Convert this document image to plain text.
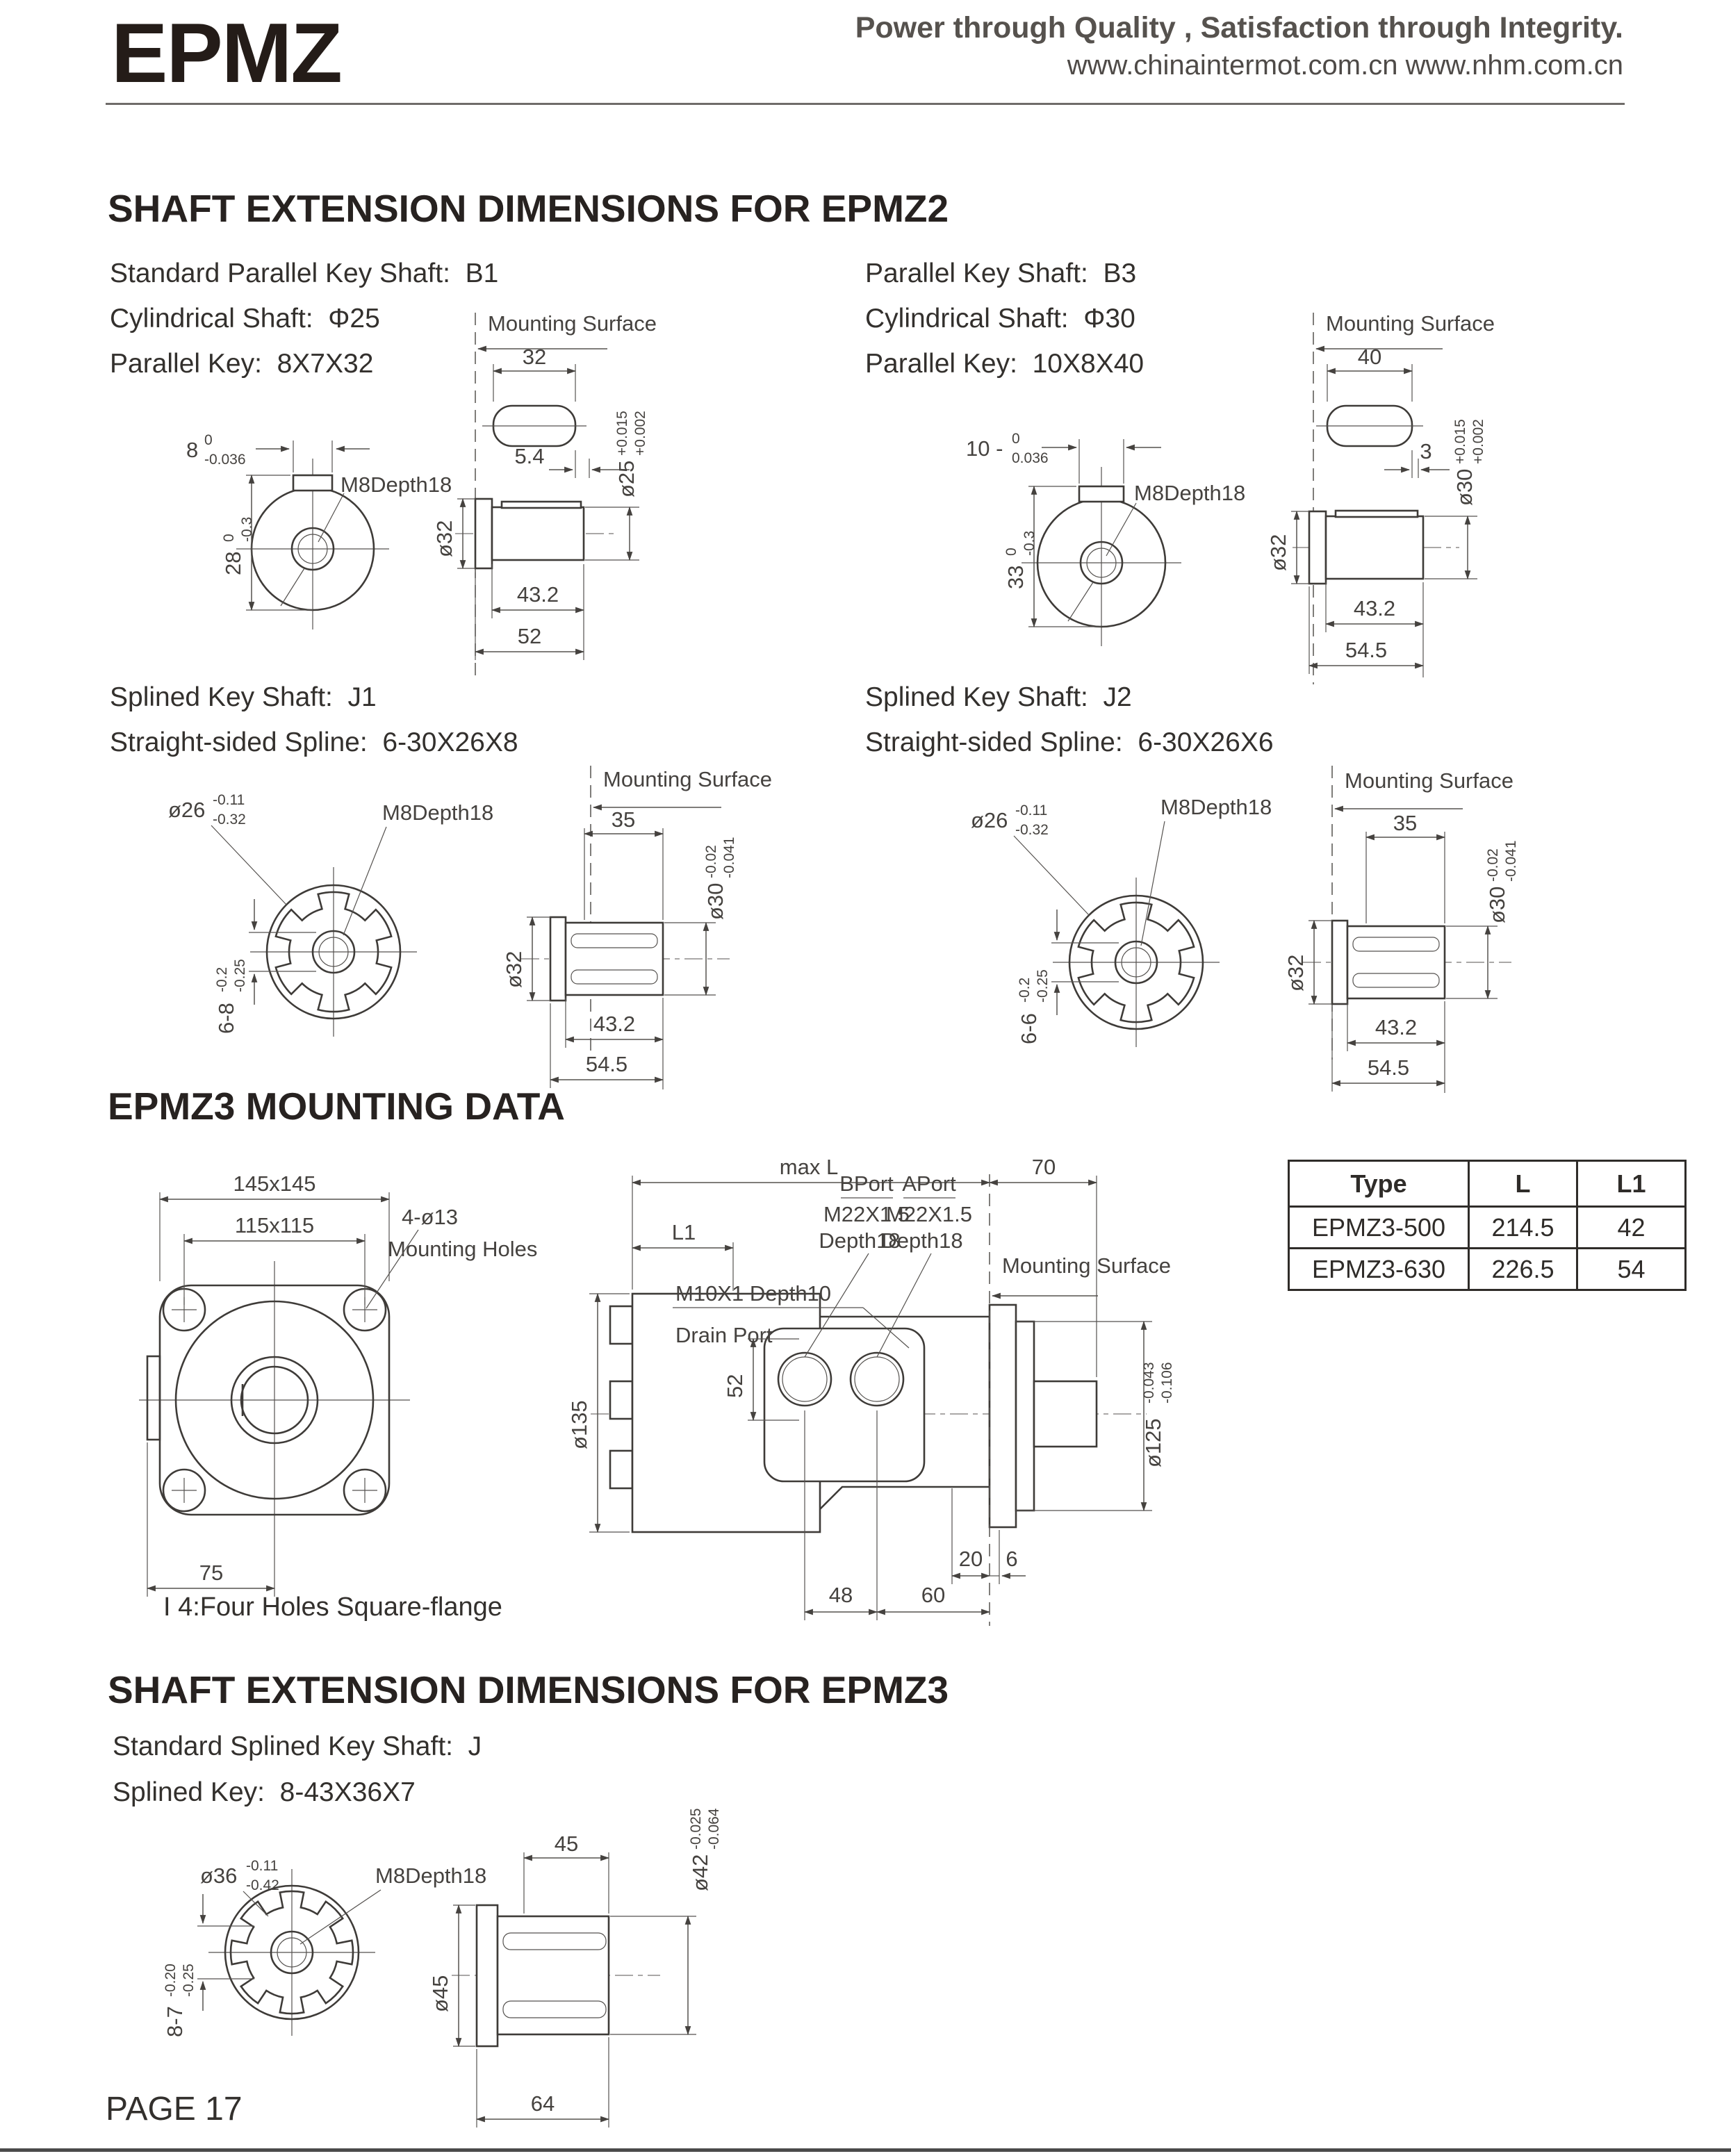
EPMZ	Power through Quality , Satisfaction through Integrity.
www.chinaintermot.com.cn www.nhm.com.cn
SHAFT EXTENSION DIMENSIONS FOR EPMZ2
Standard Parallel Key Shaft:  B1
Cylindrical Shaft:  Φ25
Parallel Key:  8X7X32
Parallel Key Shaft:  B3
Cylindrical Shaft:  Φ30
Parallel Key:  10X8X40
8 0
-0.036
M8Depth18
28
0 -0.3
Mounting Surface
32
5.4
ø32
ø25
+0.015 +0.002
43.2
52
10 - 0
0.036
M8Depth18
33
0 -0.3
Mounting Surface
40
3
ø32
ø30
+0.015 +0.002
43.2
54.5
Splined Key Shaft:  J1
Straight-sided Spline:  6-30X26X8
Splined Key Shaft:  J2
Straight-sided Spline:  6-30X26X6
ø26 -0.11
-0.32	M8Depth18
6-8
-0.2 -0.25
Mounting Surface
35
ø32
ø30
-0.02 -0.041
43.2
54.5
ø26 -0.11
-0.32
M8Depth18
6-6
-0.2 -0.25
Mounting Surface
35
ø32
ø30
-0.02 -0.041
43.2
54.5
EPMZ3 MOUNTING DATA
145x145
115x115	4-ø13
Mounting Holes
75
Mounting Surface
max L	70
L1
BPort APort
M22X1.5
M22X1.5
Depth18
Depth18
M10X1 Depth10
Drain Port
ø135
52
ø125
-0.043 -0.106
20 6
48	60
Type	L	L1
EPMZ3-500	214.5	42
EPMZ3-630	226.5	54
I 4:Four Holes Square-flange
SHAFT EXTENSION DIMENSIONS FOR EPMZ3
Standard Splined Key Shaft:  J
Splined Key:  8-43X36X7
ø36 -0.11
-0.42	M8Depth18
8-7
-0.20 -0.25
45
ø45
ø42
-0.025 -0.064
64
PAGE 17
